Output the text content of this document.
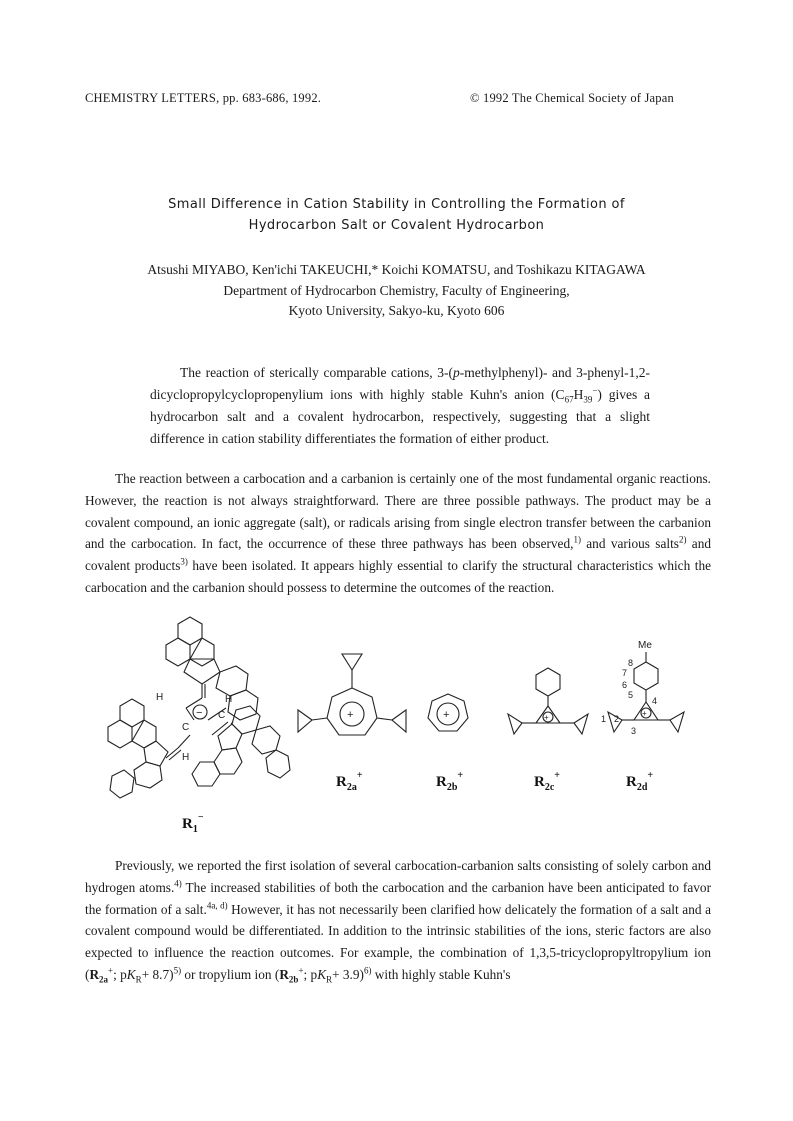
CHEMISTRY LETTERS, pp. 683-686, 1992.	© 1992 The Chemical Society of Japan
Small Difference in Cation Stability in Controlling the Formation of
Hydrocarbon Salt or Covalent Hydrocarbon
Atsushi MIYABO, Ken'ichi TAKEUCHI,* Koichi KOMATSU, and Toshikazu KITAGAWA
Department of Hydrocarbon Chemistry, Faculty of Engineering,
Kyoto University, Sakyo-ku, Kyoto 606
The reaction of sterically comparable cations, 3-(p-methylphenyl)- and 3-phenyl-1,2-dicyclopropylcyclopropenylium ions with highly stable Kuhn's anion $(C_{67}H_{39}^-)$ gives a hydrocarbon salt and a covalent hydrocarbon, respectively, suggesting that a slight difference in cation stability differentiates the formation of either product.
The reaction between a carbocation and a carbanion is certainly one of the most fundamental organic reactions. However, the reaction is not always straightforward. There are three possible pathways. The product may be a covalent compound, an ionic aggregate (salt), or radicals arising from single electron transfer between the carbanion and the carbocation. In fact, the occurrence of these three pathways has been observed,$^{1)}$ and various salts$^{2)}$ and covalent products$^{3)}$ have been isolated. It appears highly essential to clarify the structural characteristics which the carbocation and the carbanion should possess to determine the outcomes of the reaction.
H
C
C
H
H
−	+	+	+	+
Me
1 2
3
4
5
6
7
8
$R_{2a}^+$	$R_{2b}^+$	$R_{2c}^+$	$R_{2d}^+$
$R_1^-$
Previously, we reported the first isolation of several carbocation-carbanion salts consisting of solely carbon and hydrogen atoms.$^{4)}$ The increased stabilities of both the carbocation and the carbanion have been anticipated to favor the formation of a salt.$^{4a, d)}$ However, it has not necessarily been clarified how delicately the formation of a salt and a covalent compound would be differentiated. In addition to the intrinsic stabilities of the ions, steric factors are also expected to influence the reaction outcomes. For example, the combination of 1,3,5-tricyclopropyltropylium ion ($R_{2a}^+$; $pK_R+ 8.7)^{5)}$ or tropylium ion ($R_{2b}^+$; $pK_R+ 3.9)^{6)}$ with highly stable Kuhn's
